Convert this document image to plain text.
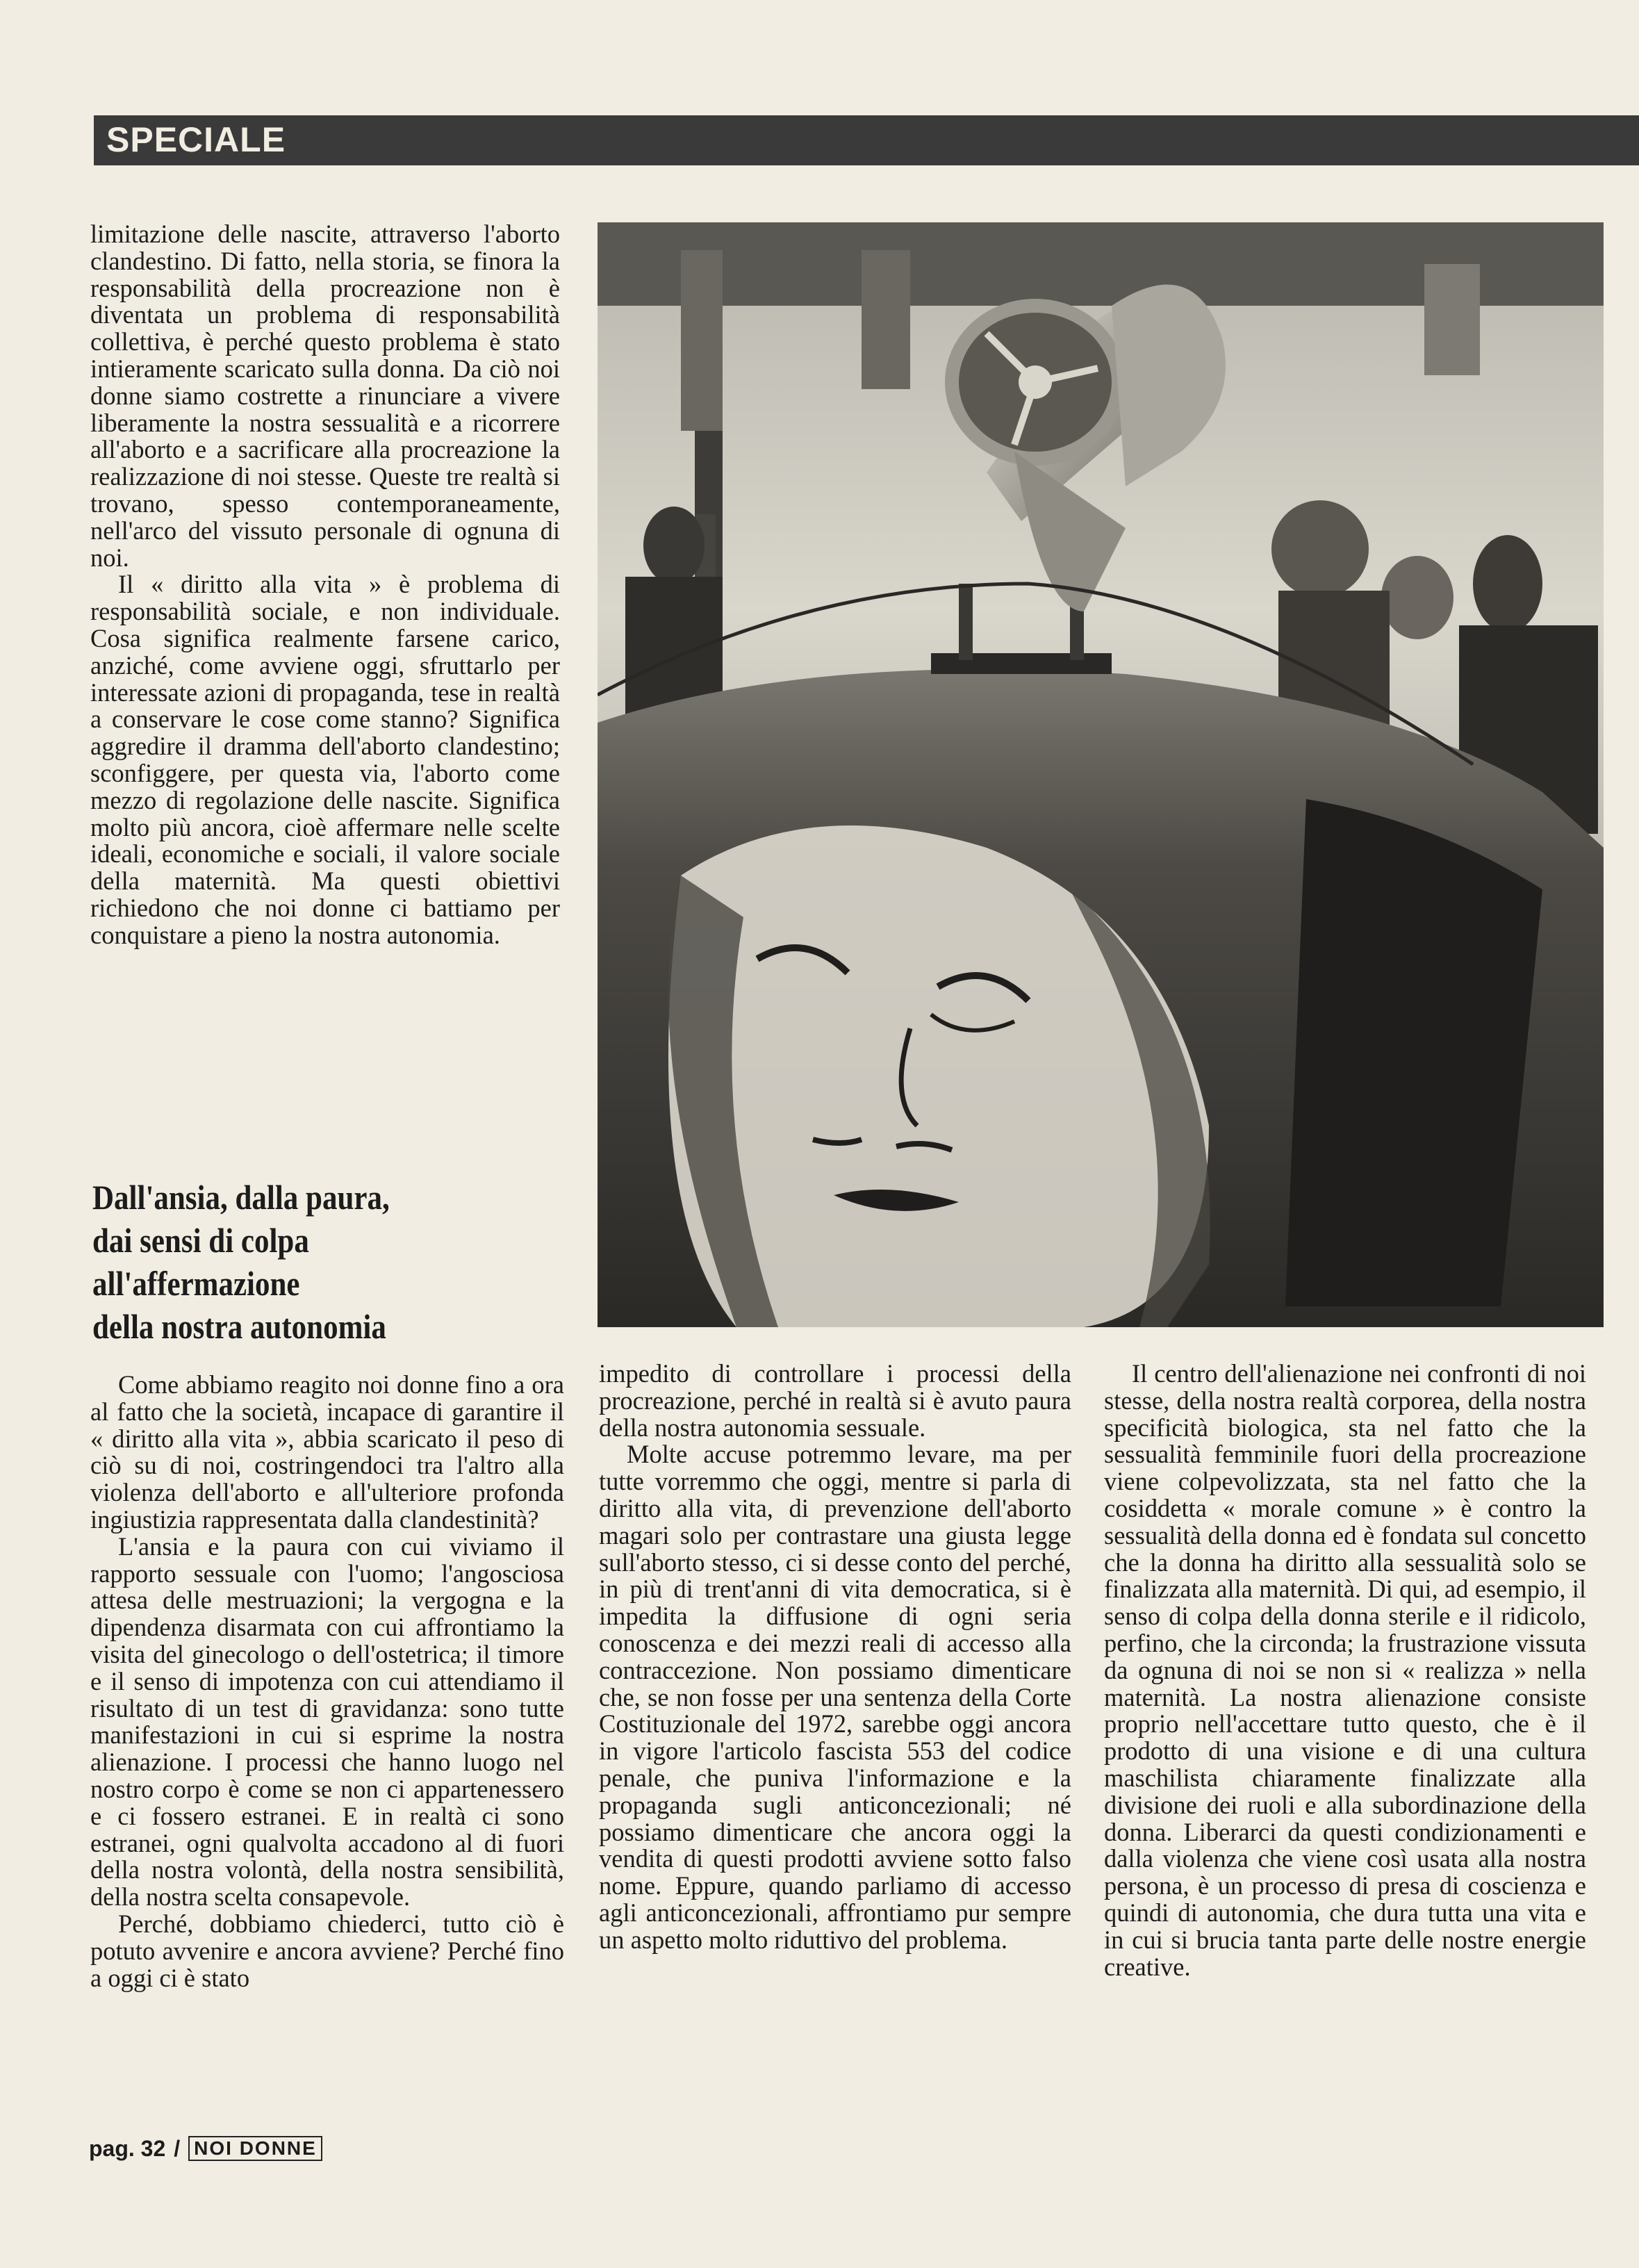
SPECIALE

limitazione delle nascite, attraverso l'aborto clandestino. Di fatto, nella storia, se finora la responsabilità della procreazione non è diventata un problema di responsabilità collettiva, è perché questo problema è stato intieramente scaricato sulla donna. Da ciò noi donne siamo costrette a rinunciare a vivere liberamente la nostra sessualità e a ricorrere all'aborto e a sacrificare alla procreazione la realizzazione di noi stesse. Queste tre realtà si trovano, spesso contemporaneamente, nell'arco del vissuto personale di ognuna di noi.

Il « diritto alla vita » è problema di responsabilità sociale, e non individuale. Cosa significa realmente farsene carico, anziché, come avviene oggi, sfruttarlo per interessate azioni di propaganda, tese in realtà a conservare le cose come stanno? Significa aggredire il dramma dell'aborto clandestino; sconfiggere, per questa via, l'aborto come mezzo di regolazione delle nascite. Significa molto più ancora, cioè affermare nelle scelte ideali, economiche e sociali, il valore sociale della maternità. Ma questi obiettivi richiedono che noi donne ci battiamo per conquistare a pieno la nostra autonomia.

Dall'ansia, dalla paura,
dai sensi di colpa
all'affermazione
della nostra autonomia

Come abbiamo reagito noi donne fino a ora al fatto che la società, incapace di garantire il « diritto alla vita », abbia scaricato il peso di ciò su di noi, costringendoci tra l'altro alla violenza dell'aborto e all'ulteriore profonda ingiustizia rappresentata dalla clandestinità?

L'ansia e la paura con cui viviamo il rapporto sessuale con l'uomo; l'angosciosa attesa delle mestruazioni; la vergogna e la dipendenza disarmata con cui affrontiamo la visita del ginecologo o dell'ostetrica; il timore e il senso di impotenza con cui attendiamo il risultato di un test di gravidanza: sono tutte manifestazioni in cui si esprime la nostra alienazione. I processi che hanno luogo nel nostro corpo è come se non ci appartenessero e ci fossero estranei. E in realtà ci sono estranei, ogni qualvolta accadono al di fuori della nostra volontà, della nostra sensibilità, della nostra scelta consapevole.

Perché, dobbiamo chiederci, tutto ciò è potuto avvenire e ancora avviene? Perché fino a oggi ci è stato

impedito di controllare i processi della procreazione, perché in realtà si è avuto paura della nostra autonomia sessuale.

Molte accuse potremmo levare, ma per tutte vorremmo che oggi, mentre si parla di diritto alla vita, di prevenzione dell'aborto magari solo per contrastare una giusta legge sull'aborto stesso, ci si desse conto del perché, in più di trent'anni di vita democratica, si è impedita la diffusione di ogni seria conoscenza e dei mezzi reali di accesso alla contraccezione. Non possiamo dimenticare che, se non fosse per una sentenza della Corte Costituzionale del 1972, sarebbe oggi ancora in vigore l'articolo fascista 553 del codice penale, che puniva l'informazione e la propaganda sugli anticoncezionali; né possiamo dimenticare che ancora oggi la vendita di questi prodotti avviene sotto falso nome. Eppure, quando parliamo di accesso agli anticoncezionali, affrontiamo pur sempre un aspetto molto riduttivo del problema.

Il centro dell'alienazione nei confronti di noi stesse, della nostra realtà corporea, della nostra specificità biologica, sta nel fatto che la sessualità femminile fuori della procreazione viene colpevolizzata, sta nel fatto che la cosiddetta « morale comune » è contro la sessualità della donna ed è fondata sul concetto che la donna ha diritto alla sessualità solo se finalizzata alla maternità. Di qui, ad esempio, il senso di colpa della donna sterile e il ridicolo, perfino, che la circonda; la frustrazione vissuta da ognuna di noi se non si « realizza » nella maternità. La nostra alienazione consiste proprio nell'accettare tutto questo, che è il prodotto di una visione e di una cultura maschilista chiaramente finalizzate alla divisione dei ruoli e alla subordinazione della donna. Liberarci da questi condizionamenti e dalla violenza che viene così usata alla nostra persona, è un processo di presa di coscienza e quindi di autonomia, che dura tutta una vita e in cui si brucia tanta parte delle nostre energie creative.

pag. 32 / NOI DONNE
